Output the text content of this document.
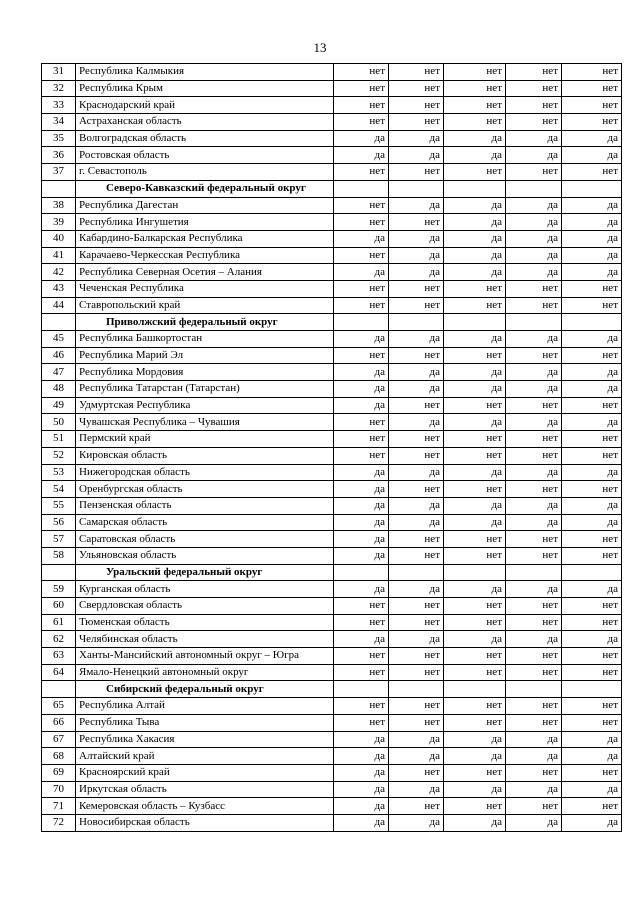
13
31	Республика Калмыкия	нет	нет	нет	нет	нет
32	Республика Крым	нет	нет	нет	нет	нет
33	Краснодарский край	нет	нет	нет	нет	нет
34	Астраханская область	нет	нет	нет	нет	нет
35	Волгоградская область	да	да	да	да	да
36	Ростовская область	да	да	да	да	да
37	г. Севастополь	нет	нет	нет	нет	нет
	Северо-Кавказский федеральный округ					
38	Республика Дагестан	нет	да	да	да	да
39	Республика Ингушетия	нет	нет	да	да	да
40	Кабардино-Балкарская Республика	да	да	да	да	да
41	Карачаево-Черкесская Республика	нет	да	да	да	да
42	Республика Северная Осетия – Алания	да	да	да	да	да
43	Чеченская Республика	нет	нет	нет	нет	нет
44	Ставропольский край	нет	нет	нет	нет	нет
	Приволжский федеральный округ					
45	Республика Башкортостан	да	да	да	да	да
46	Республика Марий Эл	нет	нет	нет	нет	нет
47	Республика Мордовия	да	да	да	да	да
48	Республика Татарстан (Татарстан)	да	да	да	да	да
49	Удмуртская Республика	да	нет	нет	нет	нет
50	Чувашская Республика – Чувашия	нет	да	да	да	да
51	Пермский край	нет	нет	нет	нет	нет
52	Кировская область	нет	нет	нет	нет	нет
53	Нижегородская область	да	да	да	да	да
54	Оренбургская область	да	нет	нет	нет	нет
55	Пензенская область	да	да	да	да	да
56	Самарская область	да	да	да	да	да
57	Саратовская область	да	нет	нет	нет	нет
58	Ульяновская область	да	нет	нет	нет	нет
	Уральский федеральный округ					
59	Курганская область	да	да	да	да	да
60	Свердловская область	нет	нет	нет	нет	нет
61	Тюменская область	нет	нет	нет	нет	нет
62	Челябинская область	да	да	да	да	да
63	Ханты-Мансийский автономный округ – Югра	нет	нет	нет	нет	нет
64	Ямало-Ненецкий автономный округ	нет	нет	нет	нет	нет
	Сибирский федеральный округ					
65	Республика Алтай	нет	нет	нет	нет	нет
66	Республика Тыва	нет	нет	нет	нет	нет
67	Республика Хакасия	да	да	да	да	да
68	Алтайский край	да	да	да	да	да
69	Красноярский край	да	нет	нет	нет	нет
70	Иркутская область	да	да	да	да	да
71	Кемеровская область – Кузбасс	да	нет	нет	нет	нет
72	Новосибирская область	да	да	да	да	да
